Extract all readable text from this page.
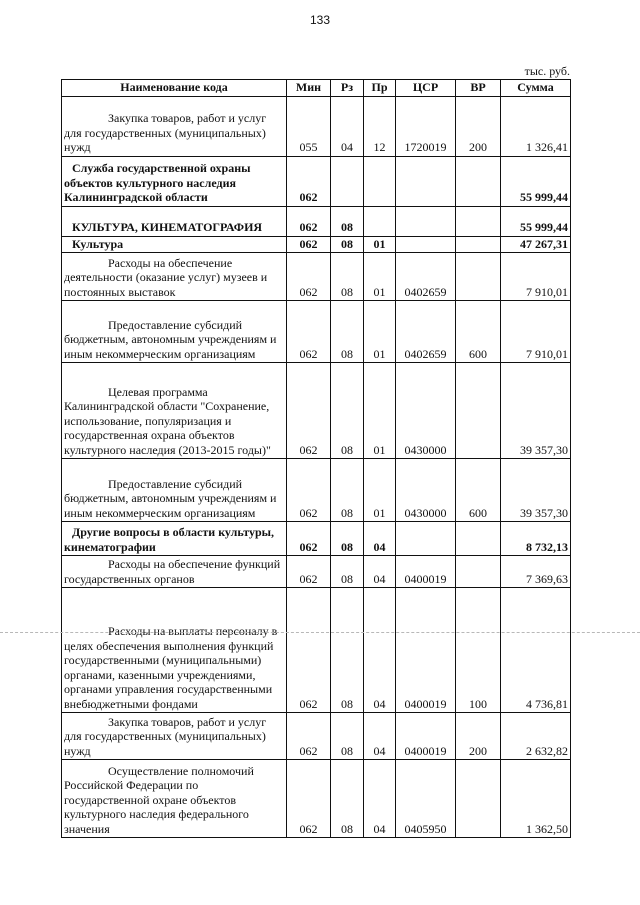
133
тыс. руб.
Наименование кода	Мин	Рз	Пр	ЦСР	ВР	Сумма
Закупка товаров, работ и услуг для государственных (муниципальных) нужд	055	04	12	1720019	200	1 326,41
Служба государственной охраны объектов культурного наследия Калининградской области	062					55 999,44
КУЛЬТУРА, КИНЕМАТОГРАФИЯ	062	08				55 999,44
Культура	062	08	01			47 267,31
Расходы на обеспечение деятельности (оказание услуг) музеев и постоянных выставок	062	08	01	0402659		7 910,01
Предоставление субсидий бюджетным, автономным учреждениям и иным некоммерческим организациям	062	08	01	0402659	600	7 910,01
Целевая программа Калининградской области "Сохранение, использование, популяризация и государственная охрана объектов культурного наследия (2013-2015 годы)"	062	08	01	0430000		39 357,30
Предоставление субсидий бюджетным, автономным учреждениям и иным некоммерческим организациям	062	08	01	0430000	600	39 357,30
Другие вопросы в области культуры, кинематографии	062	08	04			8 732,13
Расходы на обеспечение функций государственных органов	062	08	04	0400019		7 369,63
Расходы на выплаты персоналу в целях обеспечения выполнения функций государственными (муниципальными) органами, казенными учреждениями, органами управления государственными внебюджетными фондами	062	08	04	0400019	100	4 736,81
Закупка товаров, работ и услуг для государственных (муниципальных) нужд	062	08	04	0400019	200	2 632,82
Осуществление полномочий Российской Федерации по государственной охране объектов культурного наследия федерального значения	062	08	04	0405950		1 362,50
